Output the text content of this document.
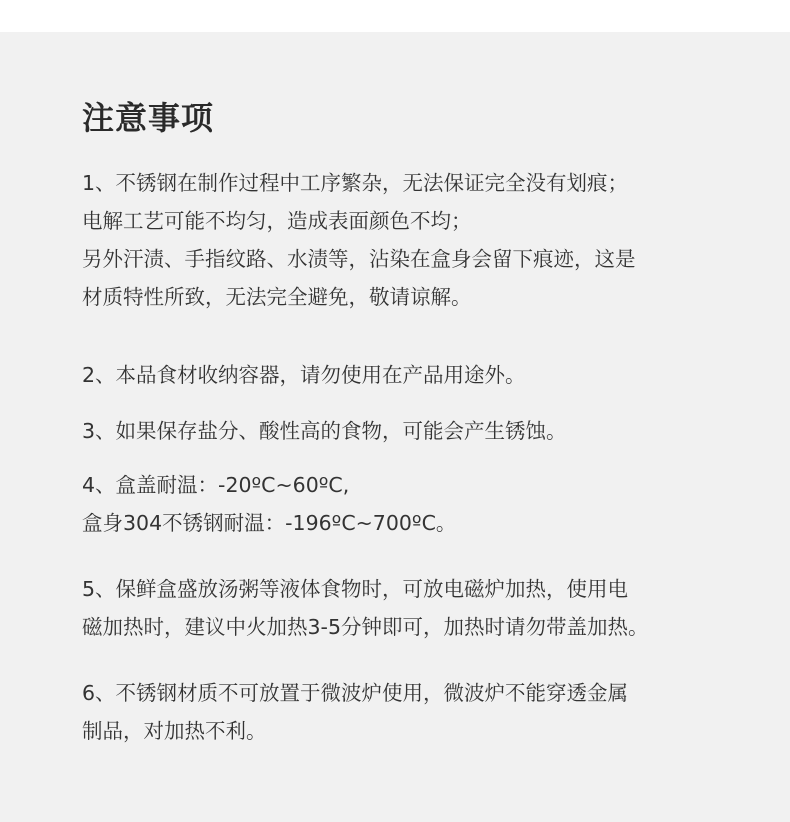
注意事项
1、不锈钢在制作过程中工序繁杂，无法保证完全没有划痕；
电解工艺可能不均匀，造成表面颜色不均；
另外汗渍、手指纹路、水渍等，沾染在盒身会留下痕迹，这是
材质特性所致，无法完全避免，敬请谅解。
2、本品食材收纳容器，请勿使用在产品用途外。
3、如果保存盐分、酸性高的食物，可能会产生锈蚀。
4、盒盖耐温：-20ºC~60ºC,
盒身304不锈钢耐温：-196ºC~700ºC。
5、保鲜盒盛放汤粥等液体食物时，可放电磁炉加热，使用电
磁加热时，建议中火加热3-5分钟即可，加热时请勿带盖加热。
6、不锈钢材质不可放置于微波炉使用，微波炉不能穿透金属
制品，对加热不利。
